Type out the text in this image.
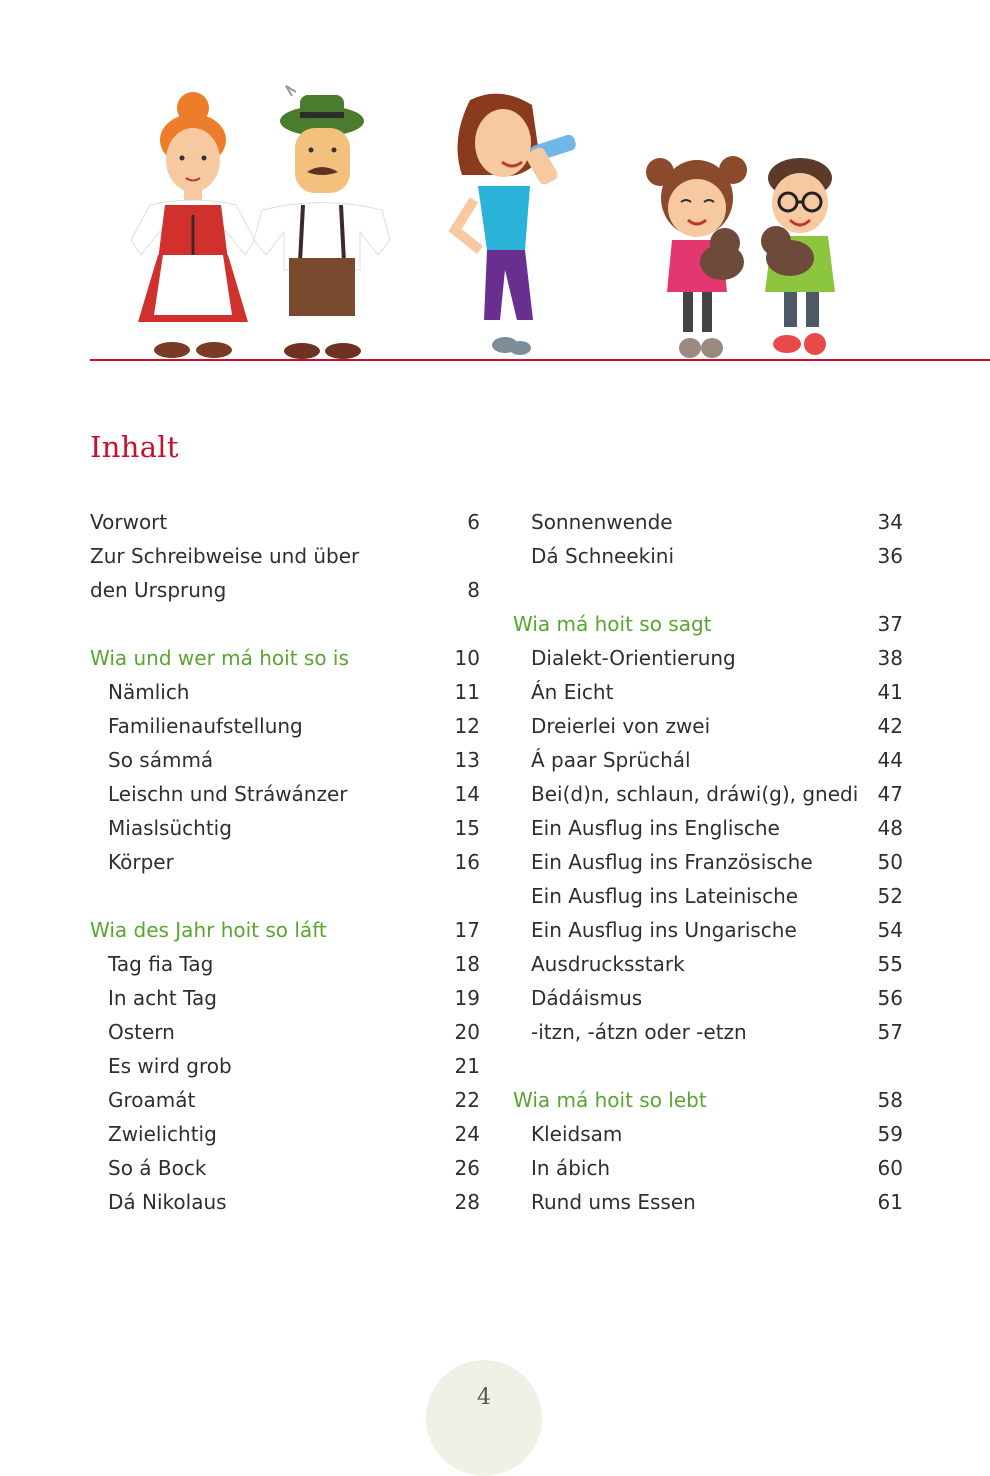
Inhalt
Vorwort	6
Zur Schreibweise und über
den Ursprung	8
Wia und wer má hoit so is	10
Nämlich	11
Familienaufstellung	12
So sámmá	13
Leischn und Stráwánzer	14
Miaslsüchtig	15
Körper	16
Wia des Jahr hoit so láft	17
Tag fia Tag	18
In acht Tag	19
Ostern	20
Es wird grob	21
Groamát	22
Zwielichtig	24
So á Bock	26
Dá Nikolaus	28
Sonnenwende	34
Dá Schneekini	36
Wia má hoit so sagt	37
Dialekt-Orientierung	38
Án Eicht	41
Dreierlei von zwei	42
Á paar Sprüchál	44
Bei(d)n, schlaun, dráwi(g), gnedi 47
Ein Ausflug ins Englische	48
Ein Ausflug ins Französische	50
Ein Ausflug ins Lateinische	52
Ein Ausflug ins Ungarische	54
Ausdrucksstark	55
Dádáismus	56
-itzn, -átzn oder -etzn	57
Wia má hoit so lebt	58
Kleidsam	59
In ábich	60
Rund ums Essen	61
4
